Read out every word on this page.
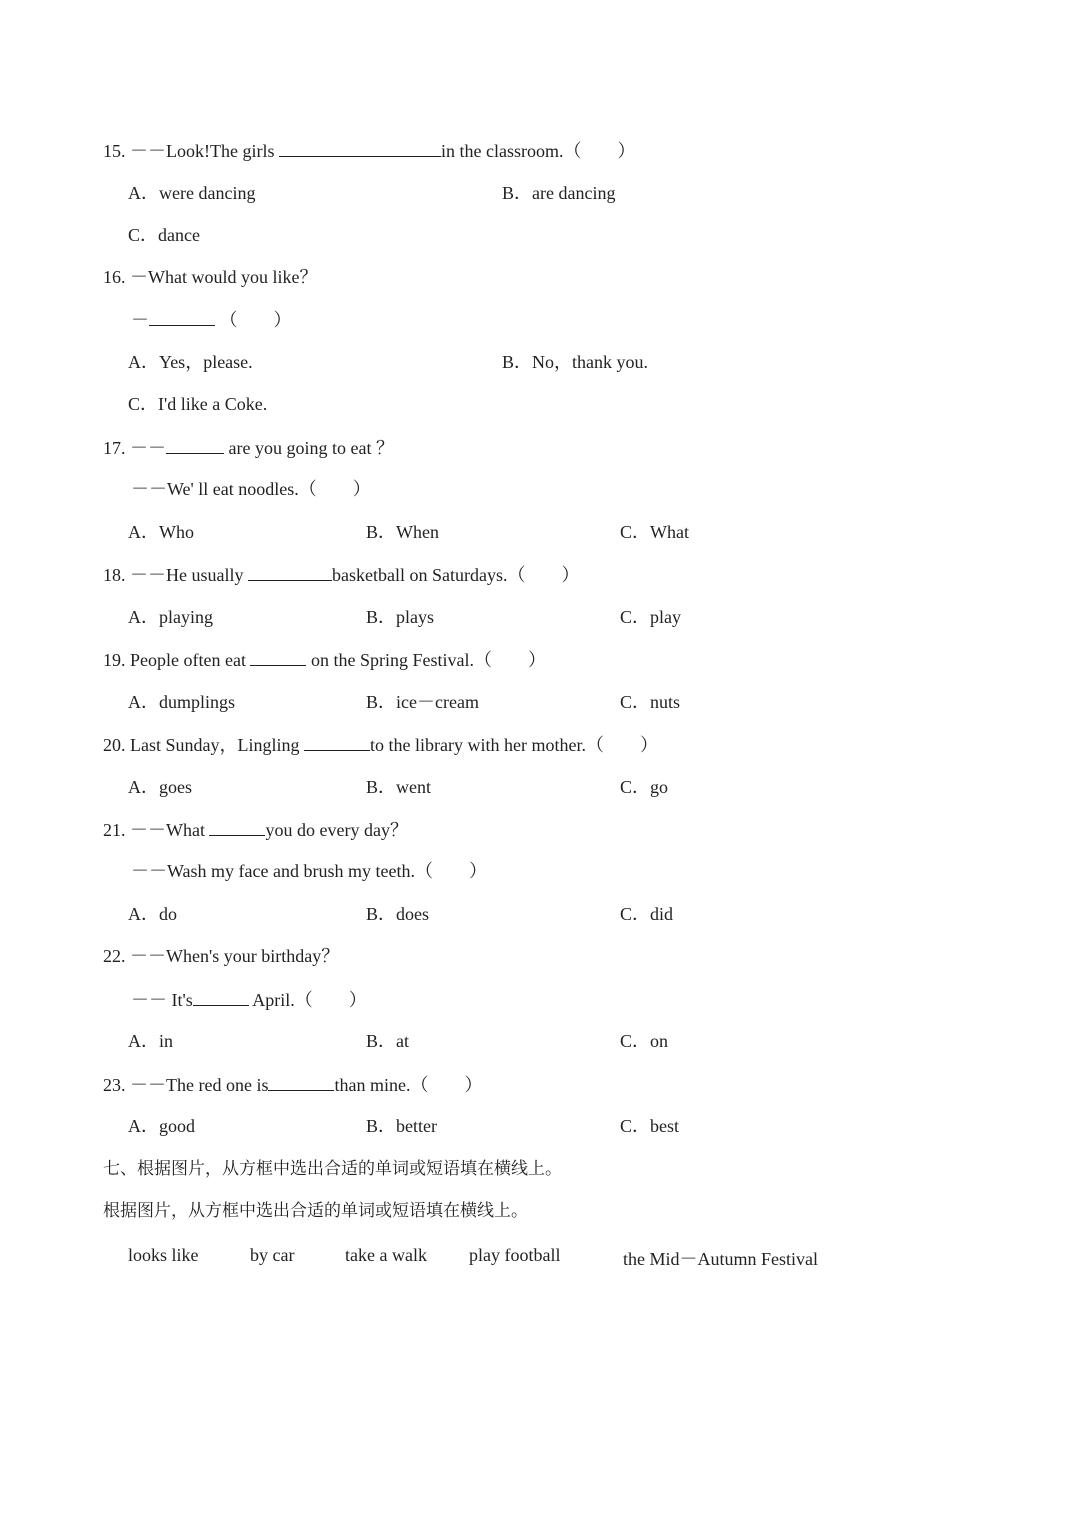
15. －－Look!The girls	in the classroom.（　　）
A．were dancing	B．are dancing
C．dance
16. －What would you like？
－	（　　）
A．Yes，please.	B．No，thank you.
C．I'd like a Coke.
17. －－	are you going to eat ？
－－We' ll eat noodles.（　　）
A．Who	B．When	C．What
18. －－He usually	basketball on Saturdays.（　　）
A．playing	B．plays	C．play
19. People often eat	on the Spring Festival.（　　）
A．dumplings	B．ice－cream	C．nuts
20. Last Sunday，Lingling	to the library with her mother.（　　）
A．goes	B．went	C．go
21. －－What	you do every day？
－－Wash my face and brush my teeth.（　　）
A．do	B．does	C．did
22. －－When's your birthday？
－－ It's	April.（　　）
A．in	B．at	C．on
23. －－The red one is	than mine.（　　）
A．good	B．better	C．best
七、根据图片，从方框中选出合适的单词或短语填在横线上。
根据图片，从方框中选出合适的单词或短语填在横线上。
looks like	by car	take a walk play football	the Mid－Autumn Festival
